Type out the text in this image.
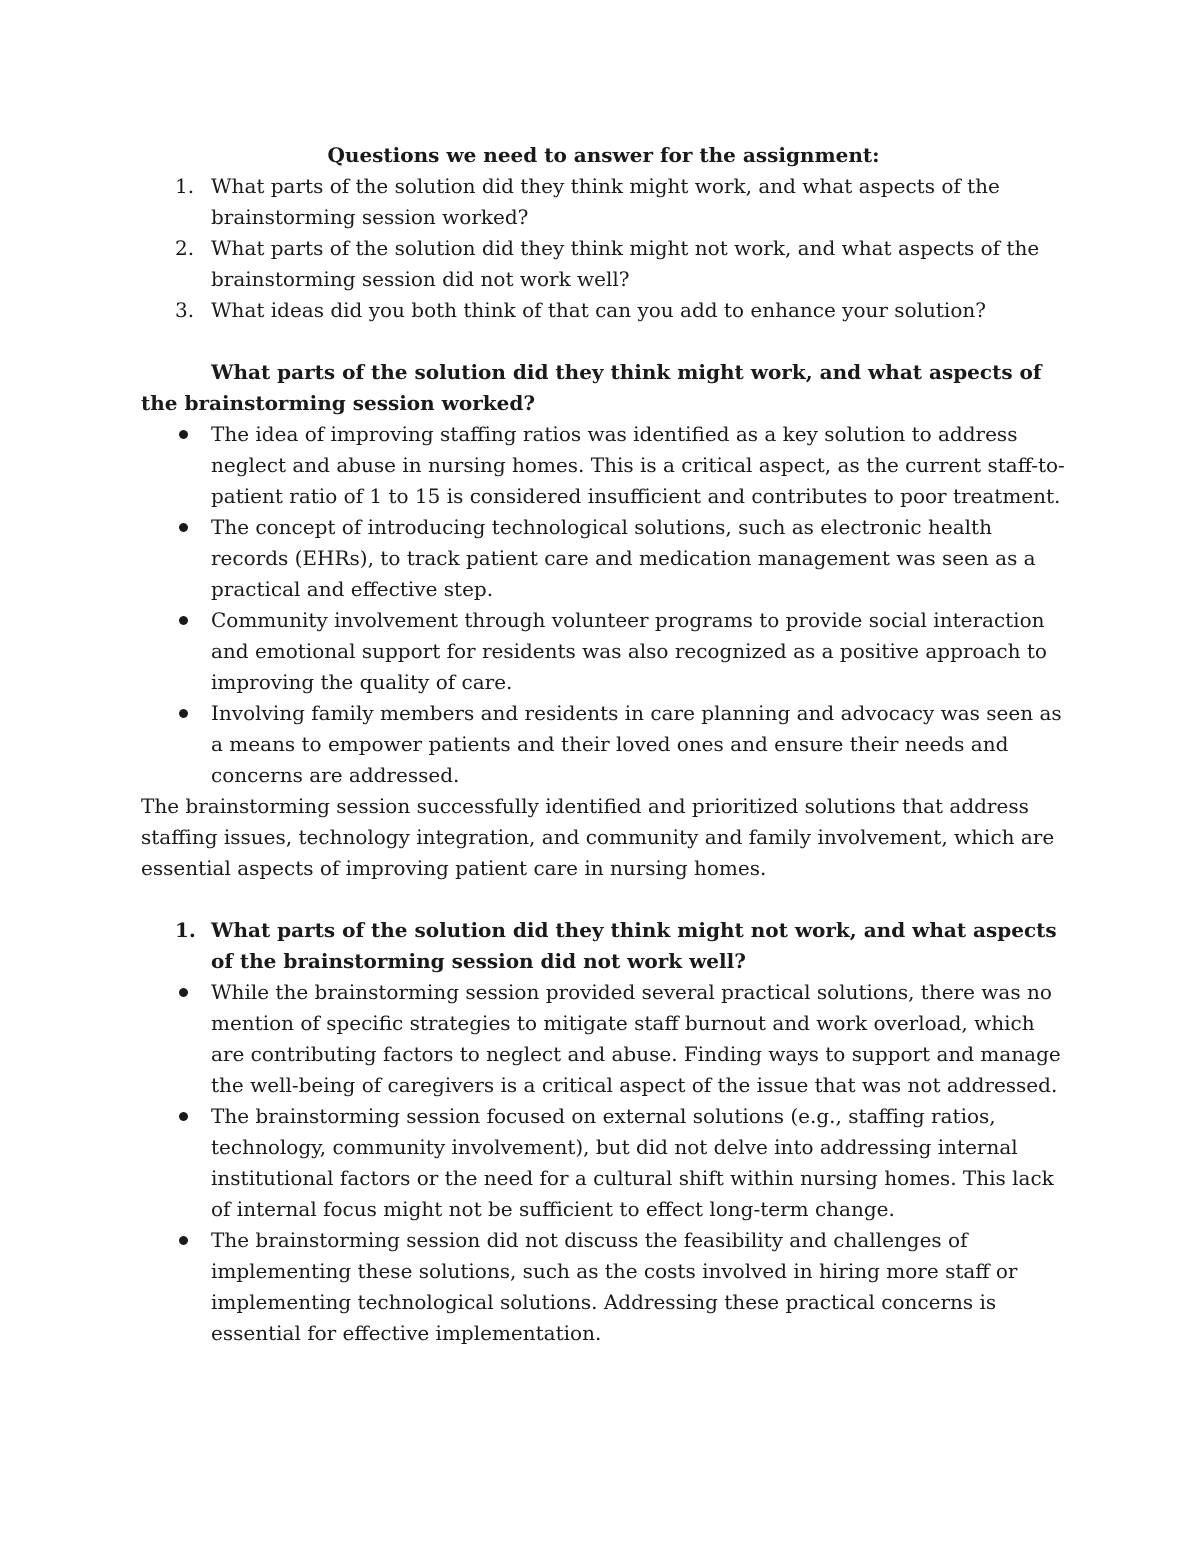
Questions we need to answer for the assignment:

1. What parts of the solution did they think might work, and what aspects of the brainstorming session worked?
2. What parts of the solution did they think might not work, and what aspects of the brainstorming session did not work well?
3. What ideas did you both think of that can you add to enhance your solution?

What parts of the solution did they think might work, and what aspects of the brainstorming session worked?

The idea of improving staffing ratios was identified as a key solution to address neglect and abuse in nursing homes. This is a critical aspect, as the current staff-to-patient ratio of 1 to 15 is considered insufficient and contributes to poor treatment.
The concept of introducing technological solutions, such as electronic health records (EHRs), to track patient care and medication management was seen as a practical and effective step.
Community involvement through volunteer programs to provide social interaction and emotional support for residents was also recognized as a positive approach to improving the quality of care.
Involving family members and residents in care planning and advocacy was seen as a means to empower patients and their loved ones and ensure their needs and concerns are addressed.

The brainstorming session successfully identified and prioritized solutions that address staffing issues, technology integration, and community and family involvement, which are essential aspects of improving patient care in nursing homes.

1. What parts of the solution did they think might not work, and what aspects of the brainstorming session did not work well?

While the brainstorming session provided several practical solutions, there was no mention of specific strategies to mitigate staff burnout and work overload, which are contributing factors to neglect and abuse. Finding ways to support and manage the well-being of caregivers is a critical aspect of the issue that was not addressed.
The brainstorming session focused on external solutions (e.g., staffing ratios, technology, community involvement), but did not delve into addressing internal institutional factors or the need for a cultural shift within nursing homes. This lack of internal focus might not be sufficient to effect long-term change.
The brainstorming session did not discuss the feasibility and challenges of implementing these solutions, such as the costs involved in hiring more staff or implementing technological solutions. Addressing these practical concerns is essential for effective implementation.
